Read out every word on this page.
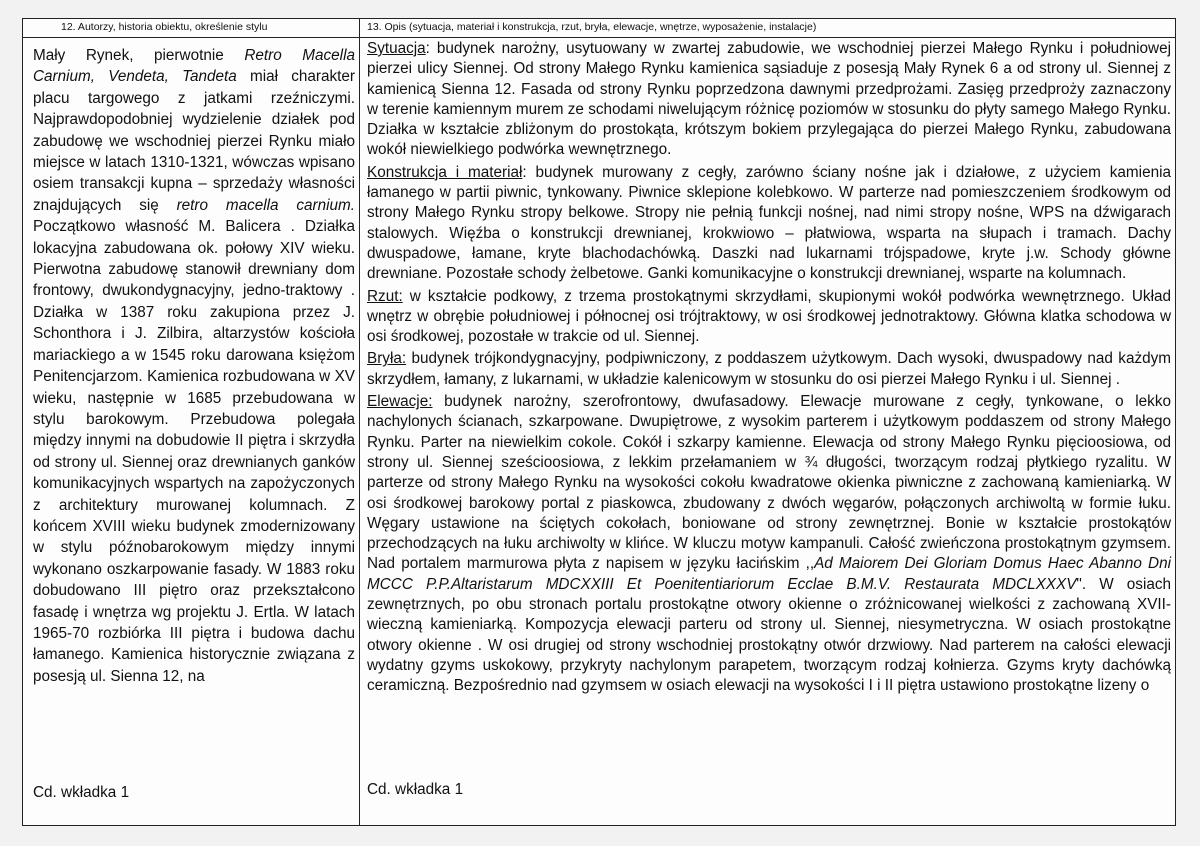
12. Autorzy, historia obiektu, określenie stylu	13. Opis (sytuacja, materiał i konstrukcja, rzut, bryła, elewacje, wnętrze, wyposażenie, instalacje)

Mały Rynek, pierwotnie Retro Macella Carnium, Vendeta, Tandeta miał charakter placu targowego z jatkami rzeźniczymi. Najprawdopodobniej wydzielenie działek pod zabudowę we wschodniej pierzei Rynku miało miejsce w latach 1310-1321, wówczas wpisano osiem transakcji kupna – sprzedaży własności znajdujących się retro macella carnium. Początkowo własność M. Balicera . Działka lokacyjna zabudowana ok. połowy XIV wieku. Pierwotna zabudowę stanowił drewniany dom frontowy, dwukondygnacyjny, jedno-traktowy . Działka w 1387 roku zakupiona przez J. Schonthora i J. Zilbira, altarzystów kościoła mariackiego a w 1545 roku darowana księżom Penitencjarzom. Kamienica rozbudowana w XV wieku, następnie w 1685 przebudowana w stylu barokowym. Przebudowa polegała między innymi na dobudowie II piętra i skrzydła od strony ul. Siennej oraz drewnianych ganków komunikacyjnych wspartych na zapożyczonych z architektury murowanej kolumnach. Z końcem XVIII wieku budynek zmodernizowany w stylu późnobarokowym między innymi wykonano oszkarpowanie fasady. W 1883 roku dobudowano III piętro oraz przekształcono fasadę i wnętrza wg projektu J. Ertla. W latach 1965-70 rozbiórka III piętra i budowa dachu łamanego. Kamienica historycznie związana z posesją ul. Sienna 12, na

Cd. wkładka 1

Sytuacja: budynek narożny, usytuowany w zwartej zabudowie, we wschodniej pierzei Małego Rynku i południowej pierzei ulicy Siennej. Od strony Małego Rynku kamienica sąsiaduje z posesją Mały Rynek 6 a od strony ul. Siennej z kamienicą Sienna 12. Fasada od strony Rynku poprzedzona dawnymi przedprożami. Zasięg przedproży zaznaczony w terenie kamiennym murem ze schodami niwelującym różnicę poziomów w stosunku do płyty samego Małego Rynku. Działka w kształcie zbliżonym do prostokąta, krótszym bokiem przylegająca do pierzei Małego Rynku, zabudowana wokół niewielkiego podwórka wewnętrznego.

Konstrukcja i materiał: budynek murowany z cegły, zarówno ściany nośne jak i działowe, z użyciem kamienia łamanego w partii piwnic, tynkowany. Piwnice sklepione kolebkowo. W parterze nad pomieszczeniem środkowym od strony Małego Rynku stropy belkowe. Stropy nie pełnią funkcji nośnej, nad nimi stropy nośne, WPS na dźwigarach stalowych. Więźba o konstrukcji drewnianej, krokwiowo – płatwiowa, wsparta na słupach i tramach. Dachy dwuspadowe, łamane, kryte blachodachówką. Daszki nad lukarnami trójspadowe, kryte j.w. Schody główne drewniane. Pozostałe schody żelbetowe. Ganki komunikacyjne o konstrukcji drewnianej, wsparte na kolumnach.

Rzut: w kształcie podkowy, z trzema prostokątnymi skrzydłami, skupionymi wokół podwórka wewnętrznego. Układ wnętrz w obrębie południowej i północnej osi trójtraktowy, w osi środkowej jednotraktowy. Główna klatka schodowa w osi środkowej, pozostałe w trakcie od ul. Siennej.

Bryła: budynek trójkondygnacyjny, podpiwniczony, z poddaszem użytkowym. Dach wysoki, dwuspadowy nad każdym skrzydłem, łamany, z lukarnami, w układzie kalenicowym w stosunku do osi pierzei Małego Rynku i ul. Siennej .

Elewacje: budynek narożny, szerofrontowy, dwufasadowy. Elewacje murowane z cegły, tynkowane, o lekko nachylonych ścianach, szkarpowane. Dwupiętrowe, z wysokim parterem i użytkowym poddaszem od strony Małego Rynku. Parter na niewielkim cokole. Cokół i szkarpy kamienne. Elewacja od strony Małego Rynku pięcioosiowa, od strony ul. Siennej sześcioosiowa, z lekkim przełamaniem w ¾ długości, tworzącym rodzaj płytkiego ryzalitu. W parterze od strony Małego Rynku na wysokości cokołu kwadratowe okienka piwniczne z zachowaną kamieniarką. W osi środkowej barokowy portal z piaskowca, zbudowany z dwóch węgarów, połączonych archiwoltą w formie łuku. Węgary ustawione na ściętych cokołach, boniowane od strony zewnętrznej. Bonie w kształcie prostokątów przechodzących na łuku archiwolty w klińce. W kluczu motyw kampanuli. Całość zwieńczona prostokątnym gzymsem. Nad portalem marmurowa płyta z napisem w języku łacińskim ,,Ad Maiorem Dei Gloriam Domus Haec Abanno Dni MCCC P.P.Altaristarum MDCXXIII Et Poenitentiariorum Ecclae B.M.V. Restaurata MDCLXXXV". W osiach zewnętrznych, po obu stronach portalu prostokątne otwory okienne o zróżnicowanej wielkości z zachowaną XVII-wieczną kamieniarką. Kompozycja elewacji parteru od strony ul. Siennej, niesymetryczna. W osiach prostokątne otwory okienne . W osi drugiej od strony wschodniej prostokątny otwór drzwiowy. Nad parterem na całości elewacji wydatny gzyms uskokowy, przykryty nachylonym parapetem, tworzącym rodzaj kołnierza. Gzyms kryty dachówką ceramiczną. Bezpośrednio nad gzymsem w osiach elewacji na wysokości I i II piętra ustawiono prostokątne lizeny o

Cd. wkładka 1
